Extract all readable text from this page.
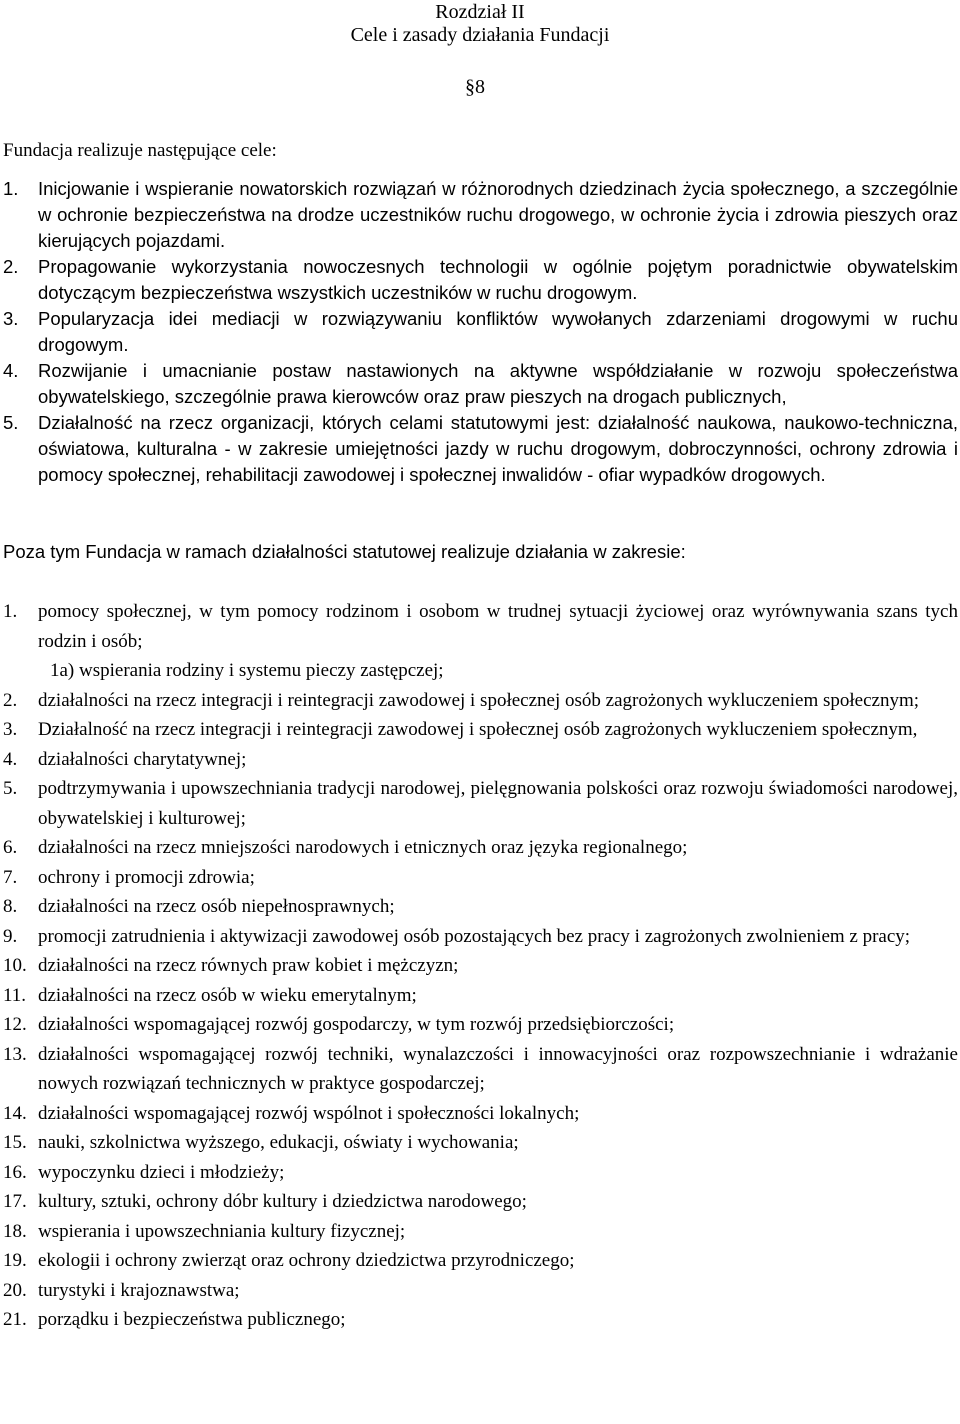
Rozdział II
Cele i zasady działania Fundacji
§8
Fundacja realizuje następujące cele:
1. Inicjowanie i wspieranie nowatorskich rozwiązań w różnorodnych dziedzinach życia społecznego, a szczególnie w ochronie bezpieczeństwa na drodze uczestników ruchu drogowego, w ochronie życia i zdrowia pieszych oraz kierujących pojazdami.
2. Propagowanie wykorzystania nowoczesnych technologii w ogólnie pojętym poradnictwie obywatelskim dotyczącym bezpieczeństwa wszystkich uczestników w ruchu drogowym.
3. Popularyzacja idei mediacji w rozwiązywaniu konfliktów wywołanych zdarzeniami drogowymi w ruchu drogowym.
4. Rozwijanie i umacnianie postaw nastawionych na aktywne współdziałanie w rozwoju społeczeństwa obywatelskiego, szczególnie prawa kierowców oraz praw pieszych na drogach publicznych,
5. Działalność na rzecz organizacji, których celami statutowymi jest: działalność naukowa, naukowo-techniczna, oświatowa, kulturalna - w zakresie umiejętności jazdy w ruchu drogowym, dobroczynności, ochrony zdrowia i pomocy społecznej, rehabilitacji zawodowej i społecznej inwalidów - ofiar wypadków drogowych.
Poza tym Fundacja w ramach działalności statutowej realizuje działania w zakresie:
1. pomocy społecznej, w tym pomocy rodzinom i osobom w trudnej sytuacji życiowej oraz wyrównywania szans tych rodzin i osób;
1a) wspierania rodziny i systemu pieczy zastępczej;
2. działalności na rzecz integracji i reintegracji zawodowej i społecznej osób zagrożonych wykluczeniem społecznym;
3. Działalność na rzecz integracji i reintegracji zawodowej i społecznej osób zagrożonych wykluczeniem społecznym,
4. działalności charytatywnej;
5. podtrzymywania i upowszechniania tradycji narodowej, pielęgnowania polskości oraz rozwoju świadomości narodowej, obywatelskiej i kulturowej;
6. działalności na rzecz mniejszości narodowych i etnicznych oraz języka regionalnego;
7. ochrony i promocji zdrowia;
8. działalności na rzecz osób niepełnosprawnych;
9. promocji zatrudnienia i aktywizacji zawodowej osób pozostających bez pracy i zagrożonych zwolnieniem z pracy;
10. działalności na rzecz równych praw kobiet i mężczyzn;
11. działalności na rzecz osób w wieku emerytalnym;
12. działalności wspomagającej rozwój gospodarczy, w tym rozwój przedsiębiorczości;
13. działalności wspomagającej rozwój techniki, wynalazczości i innowacyjności oraz rozpowszechnianie i wdrażanie nowych rozwiązań technicznych w praktyce gospodarczej;
14. działalności wspomagającej rozwój wspólnot i społeczności lokalnych;
15. nauki, szkolnictwa wyższego, edukacji, oświaty i wychowania;
16. wypoczynku dzieci i młodzieży;
17. kultury, sztuki, ochrony dóbr kultury i dziedzictwa narodowego;
18. wspierania i upowszechniania kultury fizycznej;
19. ekologii i ochrony zwierząt oraz ochrony dziedzictwa przyrodniczego;
20. turystyki i krajoznawstwa;
21. porządku i bezpieczeństwa publicznego;
